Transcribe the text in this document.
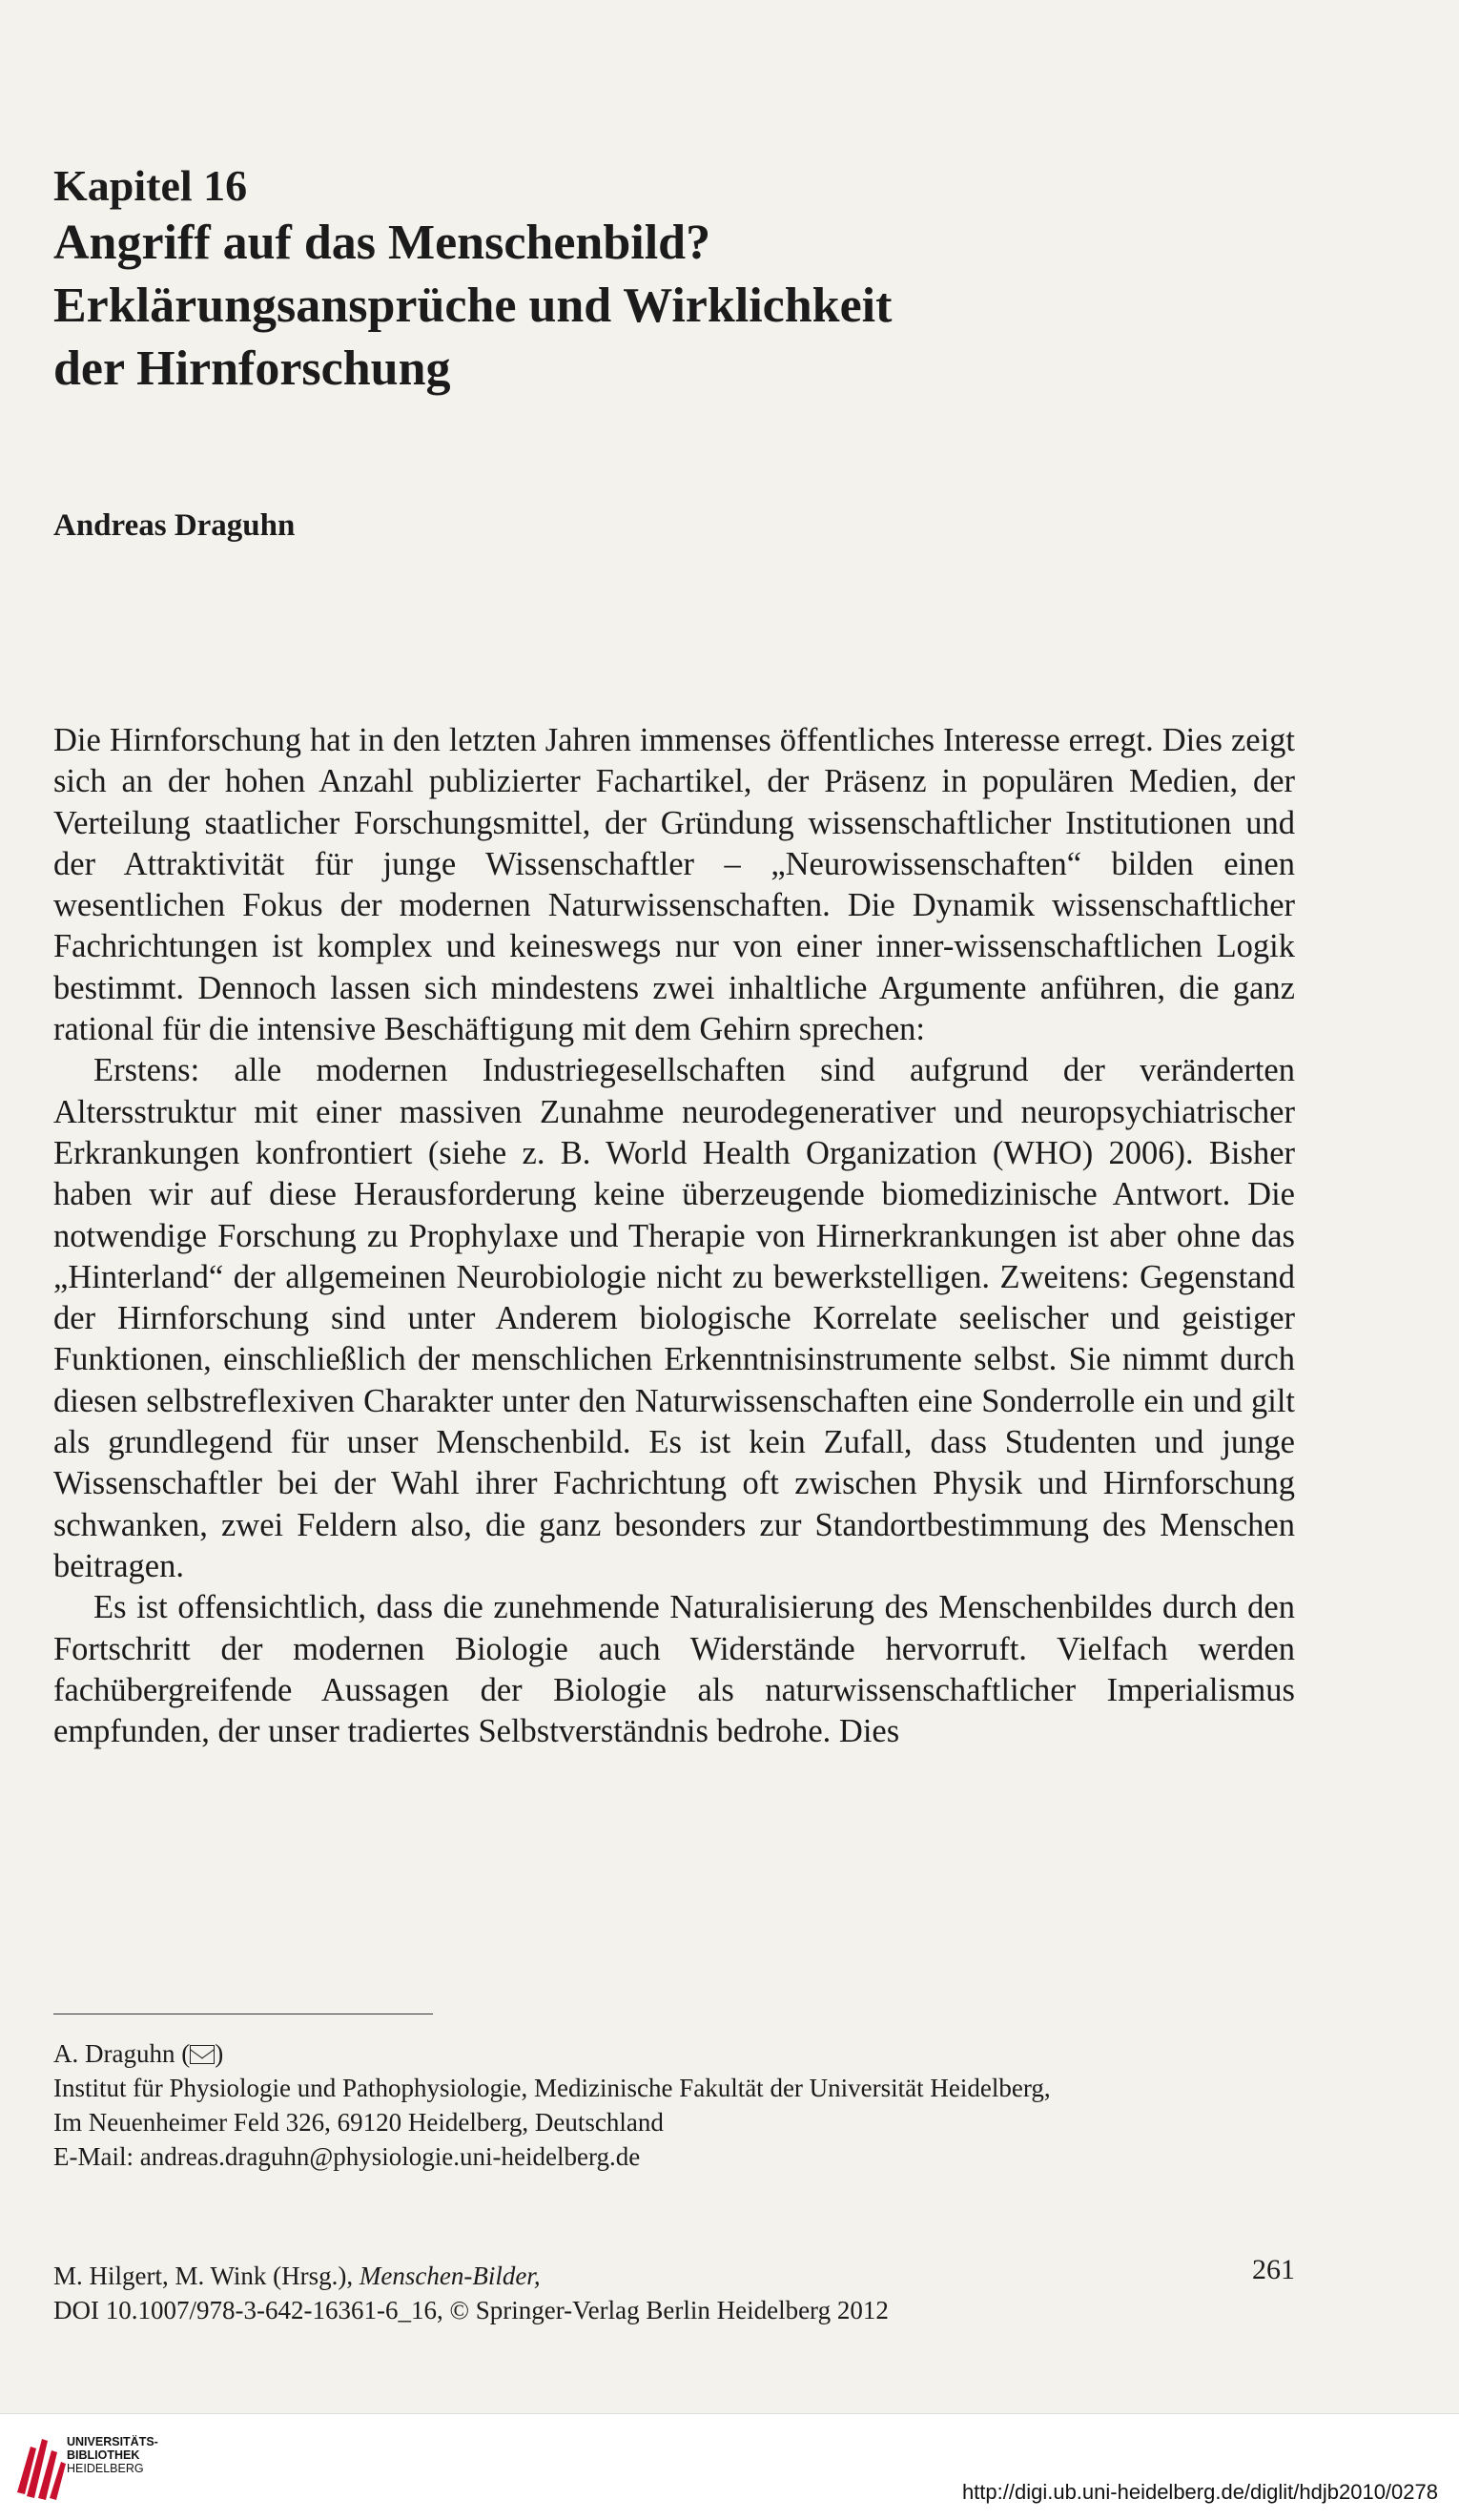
Kapitel 16
Angriff auf das Menschenbild?
Erklärungsansprüche und Wirklichkeit
der Hirnforschung
Andreas Draguhn

Die Hirnforschung hat in den letzten Jahren immenses öffentliches Interesse erregt. Dies zeigt sich an der hohen Anzahl publizierter Fachartikel, der Präsenz in populären Medien, der Verteilung staatlicher Forschungsmittel, der Gründung wissenschaftlicher Institutionen und der Attraktivität für junge Wissenschaftler – „Neurowissenschaften“ bilden einen wesentlichen Fokus der modernen Naturwissenschaften. Die Dynamik wissenschaftlicher Fachrichtungen ist komplex und keineswegs nur von einer inner-wissenschaftlichen Logik bestimmt. Dennoch lassen sich mindestens zwei inhaltliche Argumente anführen, die ganz rational für die intensive Beschäftigung mit dem Gehirn sprechen:

Erstens: alle modernen Industriegesellschaften sind aufgrund der veränderten Altersstruktur mit einer massiven Zunahme neurodegenerativer und neuropsychiatrischer Erkrankungen konfrontiert (siehe z. B. World Health Organization (WHO) 2006). Bisher haben wir auf diese Herausforderung keine überzeugende biomedizinische Antwort. Die notwendige Forschung zu Prophylaxe und Therapie von Hirnerkrankungen ist aber ohne das „Hinterland“ der allgemeinen Neurobiologie nicht zu bewerkstelligen. Zweitens: Gegenstand der Hirnforschung sind unter Anderem biologische Korrelate seelischer und geistiger Funktionen, einschließlich der menschlichen Erkenntnisinstrumente selbst. Sie nimmt durch diesen selbstreflexiven Charakter unter den Naturwissenschaften eine Sonderrolle ein und gilt als grundlegend für unser Menschenbild. Es ist kein Zufall, dass Studenten und junge Wissenschaftler bei der Wahl ihrer Fachrichtung oft zwischen Physik und Hirnforschung schwanken, zwei Feldern also, die ganz besonders zur Standortbestimmung des Menschen beitragen.

Es ist offensichtlich, dass die zunehmende Naturalisierung des Menschenbildes durch den Fortschritt der modernen Biologie auch Widerstände hervorruft. Vielfach werden fachübergreifende Aussagen der Biologie als naturwissenschaftlicher Imperialismus empfunden, der unser tradiertes Selbstverständnis bedrohe. Dies

A. Draguhn ( )
Institut für Physiologie und Pathophysiologie, Medizinische Fakultät der Universität Heidelberg,
Im Neuenheimer Feld 326, 69120 Heidelberg, Deutschland
E-Mail: andreas.draguhn@physiologie.uni-heidelberg.de
M. Hilgert, M. Wink (Hrsg.), Menschen-Bilder,
DOI 10.1007/978-3-642-16361-6_16, © Springer-Verlag Berlin Heidelberg 2012
261
UNIVERSITÄTS-
BIBLIOTHEK
HEIDELBERG
http://digi.ub.uni-heidelberg.de/diglit/hdjb2010/0278
